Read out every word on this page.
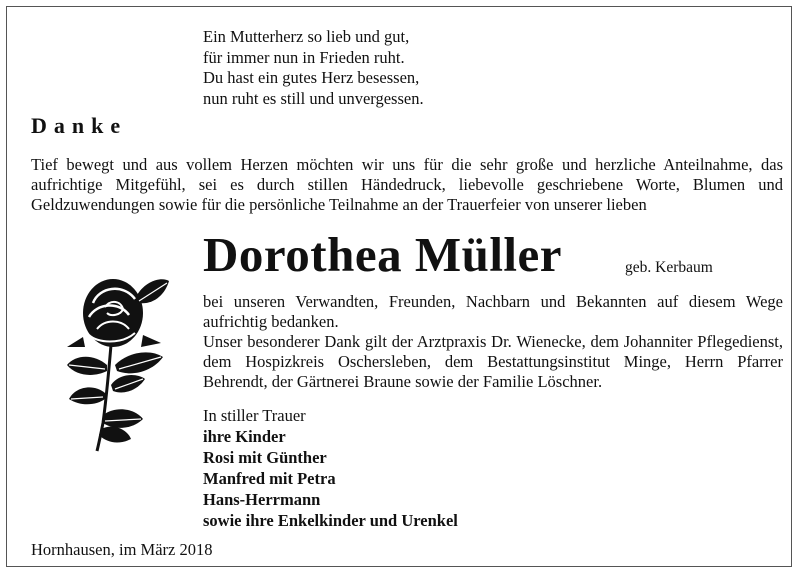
Ein Mutterherz so lieb und gut,
für immer nun in Frieden ruht.
Du hast ein gutes Herz besessen,
nun ruht es still und unvergessen.
Danke
Tief bewegt und aus vollem Herzen möchten wir uns für die sehr große und herzliche Anteilnahme, das aufrichtige Mitgefühl, sei es durch stillen Händedruck, liebevolle geschriebene Worte, Blumen und Geldzuwendungen sowie für die persönliche Teilnahme an der Trauerfeier von unserer lieben
Dorothea Müller	geb. Kerbaum

bei unseren Verwandten, Freunden, Nachbarn und Bekannten auf diesem Wege aufrichtig bedanken.

Unser besonderer Dank gilt der Arztpraxis Dr. Wienecke, dem Johanniter Pflegedienst, dem Hospizkreis Oschersleben, dem Bestattungsinstitut Minge, Herrn Pfarrer Behrendt, der Gärtnerei Braune sowie der Familie Löschner.

In stiller Trauer
ihre Kinder
Rosi mit Günther
Manfred mit Petra
Hans-Herrmann
sowie ihre Enkelkinder und Urenkel
Hornhausen, im März 2018
